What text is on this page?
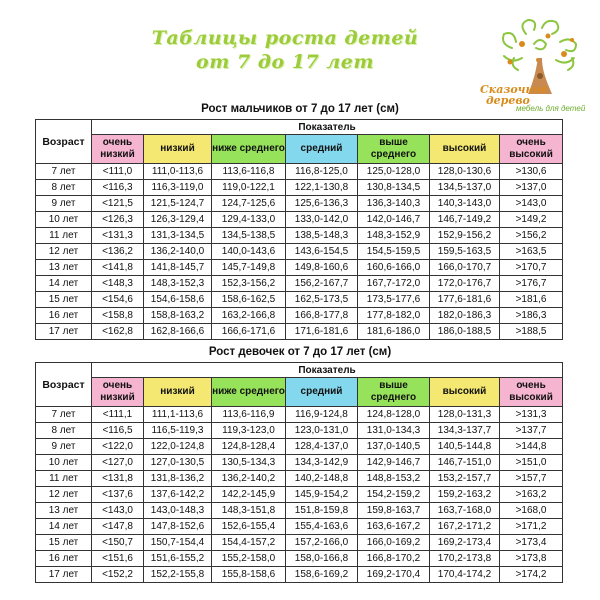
Таблицы роста детей
от 7 до 17 лет
Сказочное
дерево
мебель для детей
Рост мальчиков от 7 до 17 лет (см)
Возраст	Показатель						
	очень низкий	низкий	ниже среднего	средний	выше среднего	высокий	очень высокий
7 лет	<111,0	111,0-113,6	113,6-116,8	116,8-125,0	125,0-128,0	128,0-130,6	>130,6
8 лет	<116,3	116,3-119,0	119,0-122,1	122,1-130,8	130,8-134,5	134,5-137,0	>137,0
9 лет	<121,5	121,5-124,7	124,7-125,6	125,6-136,3	136,3-140,3	140,3-143,0	>143,0
10 лет	<126,3	126,3-129,4	129,4-133,0	133,0-142,0	142,0-146,7	146,7-149,2	>149,2
11 лет	<131,3	131,3-134,5	134,5-138,5	138,5-148,3	148,3-152,9	152,9-156,2	>156,2
12 лет	<136,2	136,2-140,0	140,0-143,6	143,6-154,5	154,5-159,5	159,5-163,5	>163,5
13 лет	<141,8	141,8-145,7	145,7-149,8	149,8-160,6	160,6-166,0	166,0-170,7	>170,7
14 лет	<148,3	148,3-152,3	152,3-156,2	156,2-167,7	167,7-172,0	172,0-176,7	>176,7
15 лет	<154,6	154,6-158,6	158,6-162,5	162,5-173,5	173,5-177,6	177,6-181,6	>181,6
16 лет	<158,8	158,8-163,2	163,2-166,8	166,8-177,8	177,8-182,0	182,0-186,3	>186,3
17 лет	<162,8	162,8-166,6	166,6-171,6	171,6-181,6	181,6-186,0	186,0-188,5	>188,5
Рост девочек от 7 до 17 лет (см)
Возраст	Показатель						
	очень низкий	низкий	ниже среднего	средний	выше среднего	высокий	очень высокий
7 лет	<111,1	111,1-113,6	113,6-116,9	116,9-124,8	124,8-128,0	128,0-131,3	>131,3
8 лет	<116,5	116,5-119,3	119,3-123,0	123,0-131,0	131,0-134,3	134,3-137,7	>137,7
9 лет	<122,0	122,0-124,8	124,8-128,4	128,4-137,0	137,0-140,5	140,5-144,8	>144,8
10 лет	<127,0	127,0-130,5	130,5-134,3	134,3-142,9	142,9-146,7	146,7-151,0	>151,0
11 лет	<131,8	131,8-136,2	136,2-140,2	140,2-148,8	148,8-153,2	153,2-157,7	>157,7
12 лет	<137,6	137,6-142,2	142,2-145,9	145,9-154,2	154,2-159,2	159,2-163,2	>163,2
13 лет	<143,0	143,0-148,3	148,3-151,8	151,8-159,8	159,8-163,7	163,7-168,0	>168,0
14 лет	<147,8	147,8-152,6	152,6-155,4	155,4-163,6	163,6-167,2	167,2-171,2	>171,2
15 лет	<150,7	150,7-154,4	154,4-157,2	157,2-166,0	166,0-169,2	169,2-173,4	>173,4
16 лет	<151,6	151,6-155,2	155,2-158,0	158,0-166,8	166,8-170,2	170,2-173,8	>173,8
17 лет	<152,2	152,2-155,8	155,8-158,6	158,6-169,2	169,2-170,4	170,4-174,2	>174,2
